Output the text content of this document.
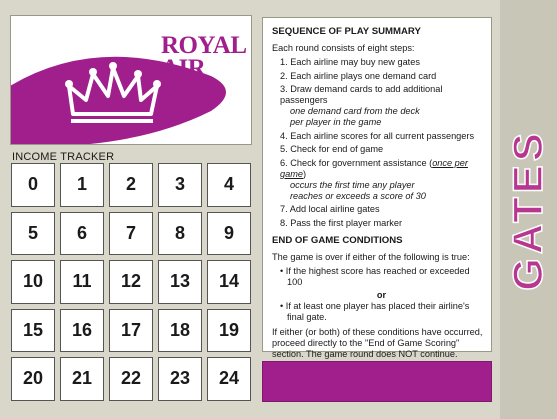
ROYAL
AIR
INCOME TRACKER
0	1	2	3	4
5	6	7	8	9
10	11	12	13	14
15	16	17	18	19
20	21	22	23	24
SEQUENCE OF PLAY SUMMARY

Each round consists of eight steps:

1. Each airline may buy new gates
2. Each airline plays one demand card
3. Draw demand cards to add additional passengers
one demand card from the deck
per player in the game
4. Each airline scores for all current passengers
5. Check for end of game
6. Check for government assistance (once per game)
occurs the first time any player
reaches or exceeds a score of 30
7. Add local airline gates
8. Pass the first player marker
END OF GAME CONDITIONS

The game is over if either of the following is true:

• If the highest score has reached or exceeded 100
or
• If at least one player has placed their airline's final gate.

If either (or both) of these conditions have occurred, proceed directly to the "End of Game Scoring" section. The game round does NOT continue.

GATES
